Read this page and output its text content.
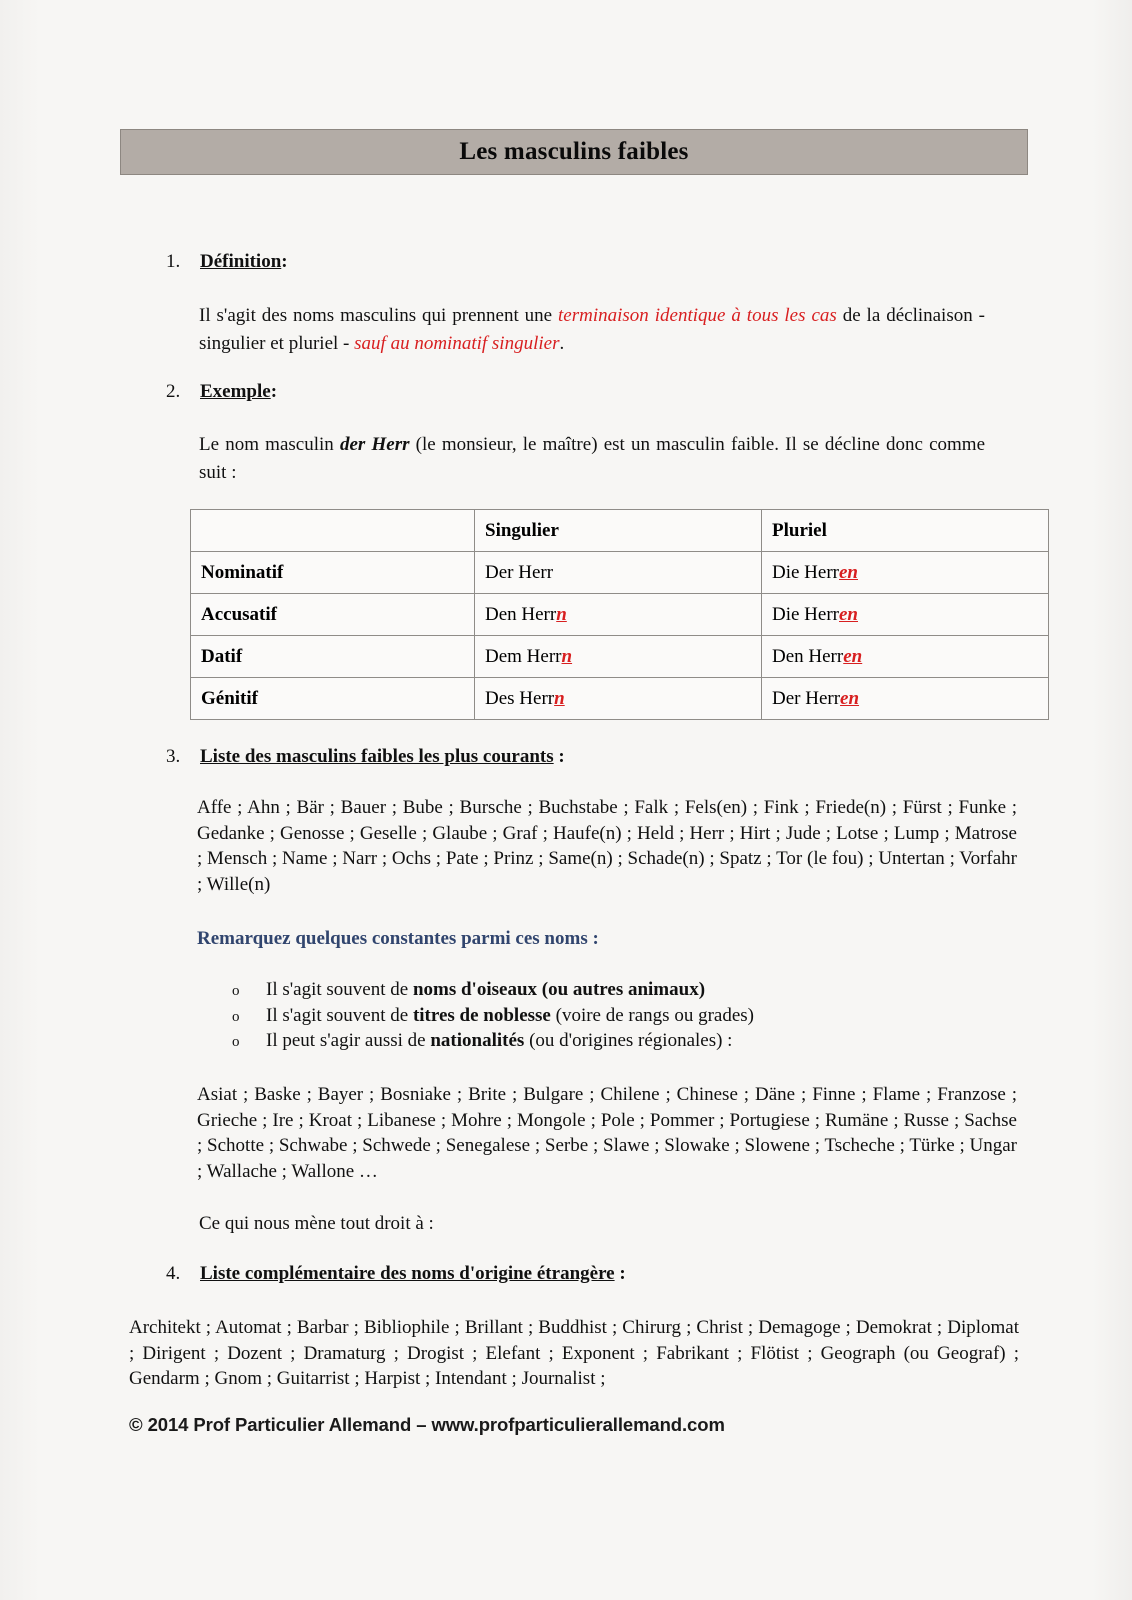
Les masculins faibles
1.	Définition:
Il s'agit des noms masculins qui prennent une terminaison identique à tous les cas de la déclinaison - singulier et pluriel - sauf au nominatif singulier.
2.	Exemple:
Le nom masculin der Herr (le monsieur, le maître) est un masculin faible. Il se décline donc comme suit :
	Singulier	Pluriel
Nominatif	Der Herr	Die Herren
Accusatif	Den Herrn	Die Herren
Datif	Dem Herrn	Den Herren
Génitif	Des Herrn	Der Herren
3.	Liste des masculins faibles les plus courants :
Affe ; Ahn ; Bär ; Bauer ; Bube ; Bursche ; Buchstabe ; Falk ; Fels(en) ; Fink ; Friede(n) ; Fürst ; Funke ; Gedanke ; Genosse ; Geselle ; Glaube ; Graf ; Haufe(n) ; Held ; Herr ; Hirt ; Jude ; Lotse ; Lump ; Matrose ; Mensch ; Name ; Narr ; Ochs ; Pate ; Prinz ; Same(n) ; Schade(n) ; Spatz ; Tor (le fou) ; Untertan ; Vorfahr ; Wille(n)
Remarquez quelques constantes parmi ces noms :
o	Il s'agit souvent de noms d'oiseaux (ou autres animaux)
o	Il s'agit souvent de titres de noblesse (voire de rangs ou grades)
o	Il peut s'agir aussi de nationalités (ou d'origines régionales) :
Asiat ; Baske ; Bayer ; Bosniake ; Brite ; Bulgare ; Chilene ; Chinese ; Däne ; Finne ; Flame ; Franzose ; Grieche ; Ire ; Kroat ; Libanese ; Mohre ; Mongole ; Pole ; Pommer ; Portugiese ; Rumäne ; Russe ; Sachse ; Schotte ; Schwabe ; Schwede ; Senegalese ; Serbe ; Slawe ; Slowake ; Slowene ; Tscheche ; Türke ; Ungar ; Wallache ; Wallone …
Ce qui nous mène tout droit à :
4.	Liste complémentaire des noms d'origine étrangère :
Architekt ; Automat ; Barbar ; Bibliophile ; Brillant ; Buddhist ; Chirurg ; Christ ; Demagoge ; Demokrat ; Diplomat ; Dirigent ; Dozent ; Dramaturg ; Drogist ; Elefant ; Exponent ; Fabrikant ; Flötist ; Geograph (ou Geograf) ; Gendarm ; Gnom ; Guitarrist ; Harpist ; Intendant ; Journalist ;
© 2014 Prof Particulier Allemand – www.profparticulierallemand.com
